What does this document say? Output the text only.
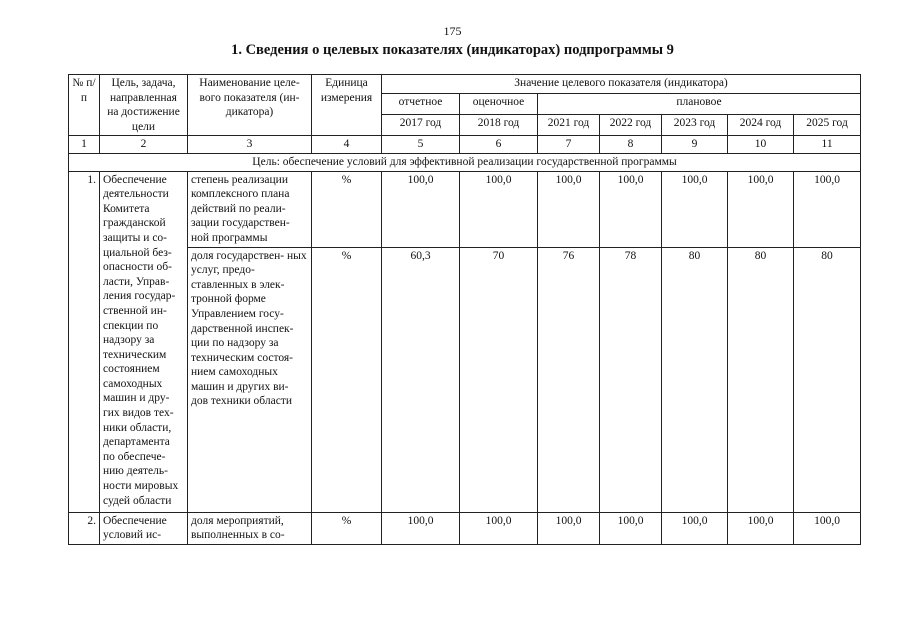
175
1. Сведения о целевых показателях (индикаторах) подпрограммы 9
№ п/п	Цель, задача, направленная на достижение цели	Наименование целе- вого показателя (ин- дикатора)	Единица измерения	Значение целевого показателя (индикатора)						
				отчетное	оценочное	плановое				
				2017 год	2018 год	2021 год	2022 год	2023 год	2024 год	2025 год
1	2	3	4	5	6	7	8	9	10	11
Цель: обеспечение условий для эффективной реализации государственной программы										
1.	Обеспечение деятельности Комитета гражданской защиты и со- циальной без- опасности об- ласти, Управ- ления государ- ственной ин- спекции по надзору за техническим состоянием самоходных машин и дру- гих видов тех- ники области, департамента по обеспече- нию деятель- ности мировых судей области	степень реализации комплексного плана действий по реали- зации государствен- ной программы	%	100,0	100,0	100,0	100,0	100,0	100,0	100,0
		доля государствен- ных услуг, предо- ставленных в элек- тронной форме Управлением госу- дарственной инспек- ции по надзору за техническим состоя- нием самоходных машин и других ви- дов техники области	%	60,3	70	76	78	80	80	80
2.	Обеспечение условий ис-	доля мероприятий, выполненных в со-	%	100,0	100,0	100,0	100,0	100,0	100,0	100,0
